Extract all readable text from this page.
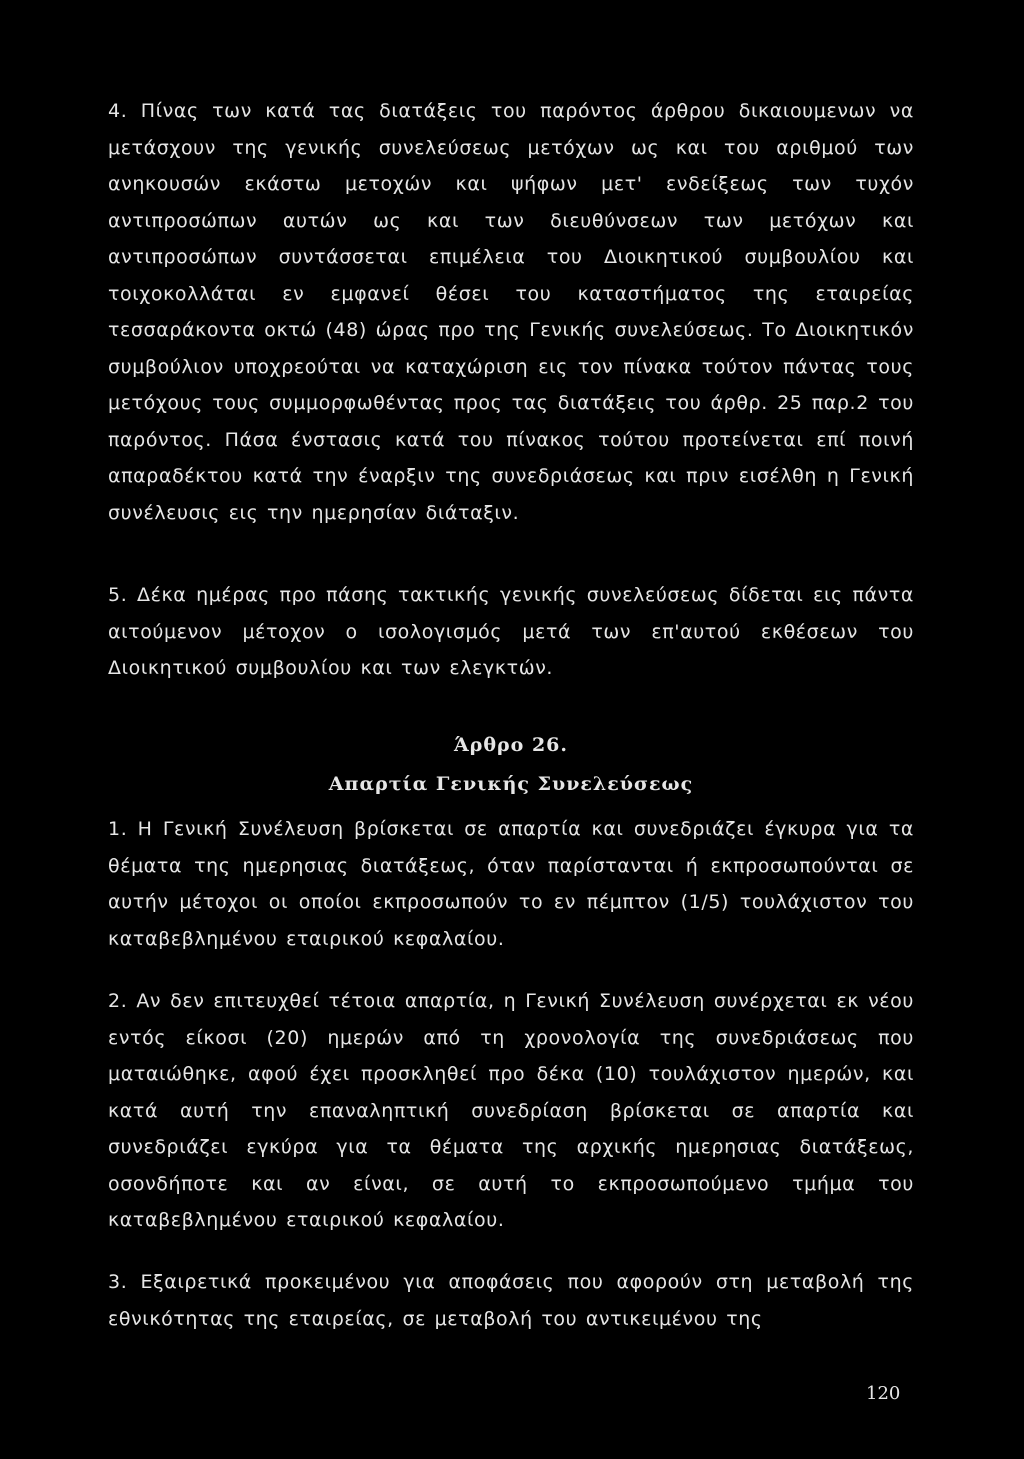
4. Πίνας των κατά τας διατάξεις του παρόντος άρθρου δικαιουμενων να μετάσχουν της γενικής συνελεύσεως μετόχων ως και του αριθμού των ανηκουσών εκάστω μετοχών και ψήφων μετ' ενδείξεως των τυχόν αντιπροσώπων αυτών ως και των διευθύνσεων των μετόχων και αντιπροσώπων συντάσσεται επιμέλεια του Διοικητικού συμβουλίου και τοιχοκολλάται εν εμφανεί θέσει του καταστήματος της εταιρείας τεσσαράκοντα οκτώ (48) ώρας προ της Γενικής συνελεύσεως. Το Διοικητικόν συμβούλιον υποχρεούται να καταχώριση εις τον πίνακα τούτον πάντας τους μετόχους τους συμμορφωθέντας προς τας διατάξεις του άρθρ. 25 παρ.2 του παρόντος. Πάσα ένστασις κατά του πίνακος τούτου προτείνεται επί ποινή απαραδέκτου κατά την έναρξιν της συνεδριάσεως και πριν εισέλθη η Γενική συνέλευσις εις την ημερησίαν διάταξιν.

5. Δέκα ημέρας προ πάσης τακτικής γενικής συνελεύσεως δίδεται εις πάντα αιτούμενον μέτοχον ο ισολογισμός μετά των επ'αυτού εκθέσεων του Διοικητικού συμβουλίου και των ελεγκτών.

Άρθρο 26.
Απαρτία Γενικής Συνελεύσεως

1. Η Γενική Συνέλευση βρίσκεται σε απαρτία και συνεδριάζει έγκυρα για τα θέματα της ημερησιας διατάξεως, όταν παρίστανται ή εκπροσωπούνται σε αυτήν μέτοχοι οι οποίοι εκπροσωπούν το εν πέμπτον (1/5) τουλάχιστον του καταβεβλημένου εταιρικού κεφαλαίου.

2. Αν δεν επιτευχθεί τέτοια απαρτία, η Γενική Συνέλευση συνέρχεται εκ νέου εντός είκοσι (20) ημερών από τη χρονολογία της συνεδριάσεως που ματαιώθηκε, αφού έχει προσκληθεί προ δέκα (10) τουλάχιστον ημερών, και κατά αυτή την επαναληπτική συνεδρίαση βρίσκεται σε απαρτία και συνεδριάζει εγκύρα για τα θέματα της αρχικής ημερησιας διατάξεως, οσονδήποτε και αν είναι, σε αυτή το εκπροσωπούμενο τμήμα του καταβεβλημένου εταιρικού κεφαλαίου.

3. Εξαιρετικά προκειμένου για αποφάσεις που αφορούν στη μεταβολή της εθνικότητας της εταιρείας, σε μεταβολή του αντικειμένου της

120
